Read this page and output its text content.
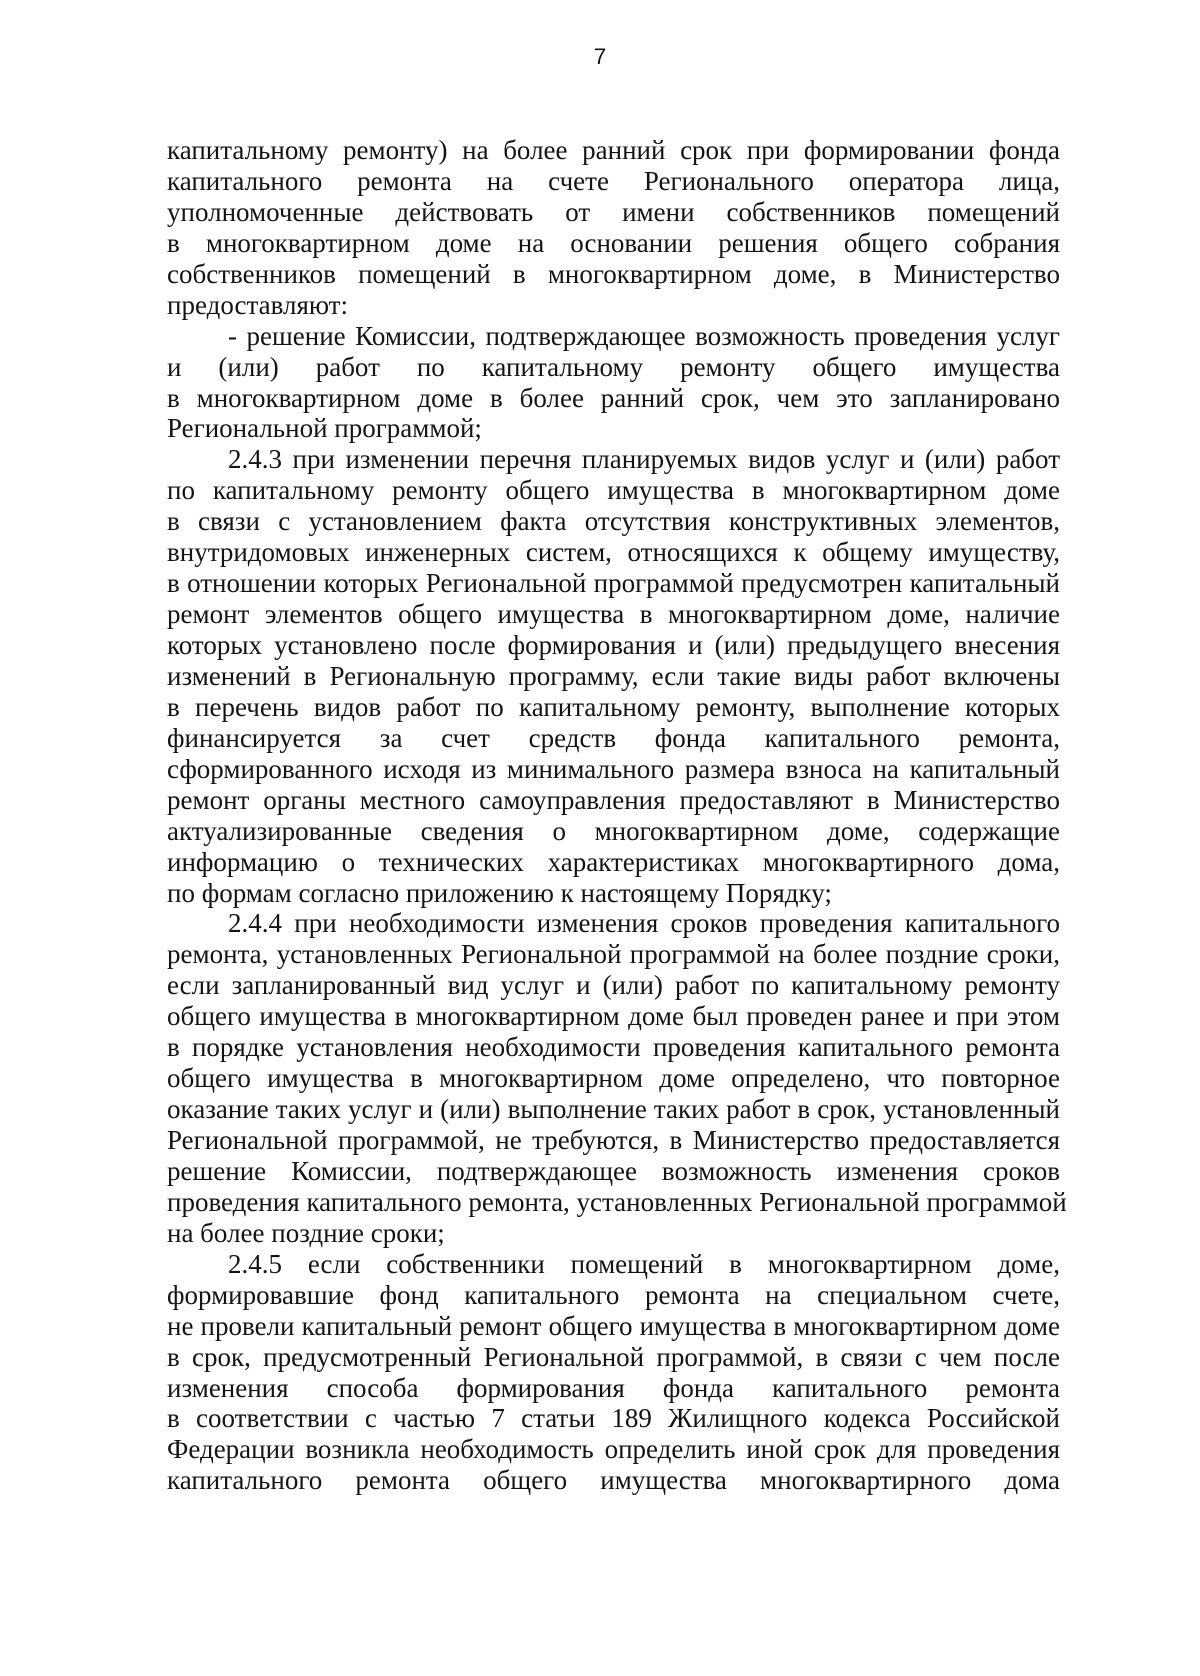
7
капитальному ремонту) на более ранний срок при формировании фонда
капитального ремонта на счете Регионального оператора лица,
уполномоченные действовать от имени собственников помещений
в многоквартирном доме на основании решения общего собрания
собственников помещений в многоквартирном доме, в Министерство
предоставляют:
- решение Комиссии, подтверждающее возможность проведения услуг
и (или) работ по капитальному ремонту общего имущества
в многоквартирном доме в более ранний срок, чем это запланировано
Региональной программой;
2.4.3 при изменении перечня планируемых видов услуг и (или) работ
по капитальному ремонту общего имущества в многоквартирном доме
в связи с установлением факта отсутствия конструктивных элементов,
внутридомовых инженерных систем, относящихся к общему имуществу,
в отношении которых Региональной программой предусмотрен капитальный
ремонт элементов общего имущества в многоквартирном доме, наличие
которых установлено после формирования и (или) предыдущего внесения
изменений в Региональную программу, если такие виды работ включены
в перечень видов работ по капитальному ремонту, выполнение которых
финансируется за счет средств фонда капитального ремонта,
сформированного исходя из минимального размера взноса на капитальный
ремонт органы местного самоуправления предоставляют в Министерство
актуализированные сведения о многоквартирном доме, содержащие
информацию о технических характеристиках многоквартирного дома,
по формам согласно приложению к настоящему Порядку;
2.4.4 при необходимости изменения сроков проведения капитального
ремонта, установленных Региональной программой на более поздние сроки,
если запланированный вид услуг и (или) работ по капитальному ремонту
общего имущества в многоквартирном доме был проведен ранее и при этом
в порядке установления необходимости проведения капитального ремонта
общего имущества в многоквартирном доме определено, что повторное
оказание таких услуг и (или) выполнение таких работ в срок, установленный
Региональной программой, не требуются, в Министерство предоставляется
решение Комиссии, подтверждающее возможность изменения сроков
проведения капитального ремонта, установленных Региональной программой
на более поздние сроки;
2.4.5 если собственники помещений в многоквартирном доме,
формировавшие фонд капитального ремонта на специальном счете,
не провели капитальный ремонт общего имущества в многоквартирном доме
в срок, предусмотренный Региональной программой, в связи с чем после
изменения способа формирования фонда капитального ремонта
в соответствии с частью 7 статьи 189 Жилищного кодекса Российской
Федерации возникла необходимость определить иной срок для проведения
капитального ремонта общего имущества многоквартирного дома
